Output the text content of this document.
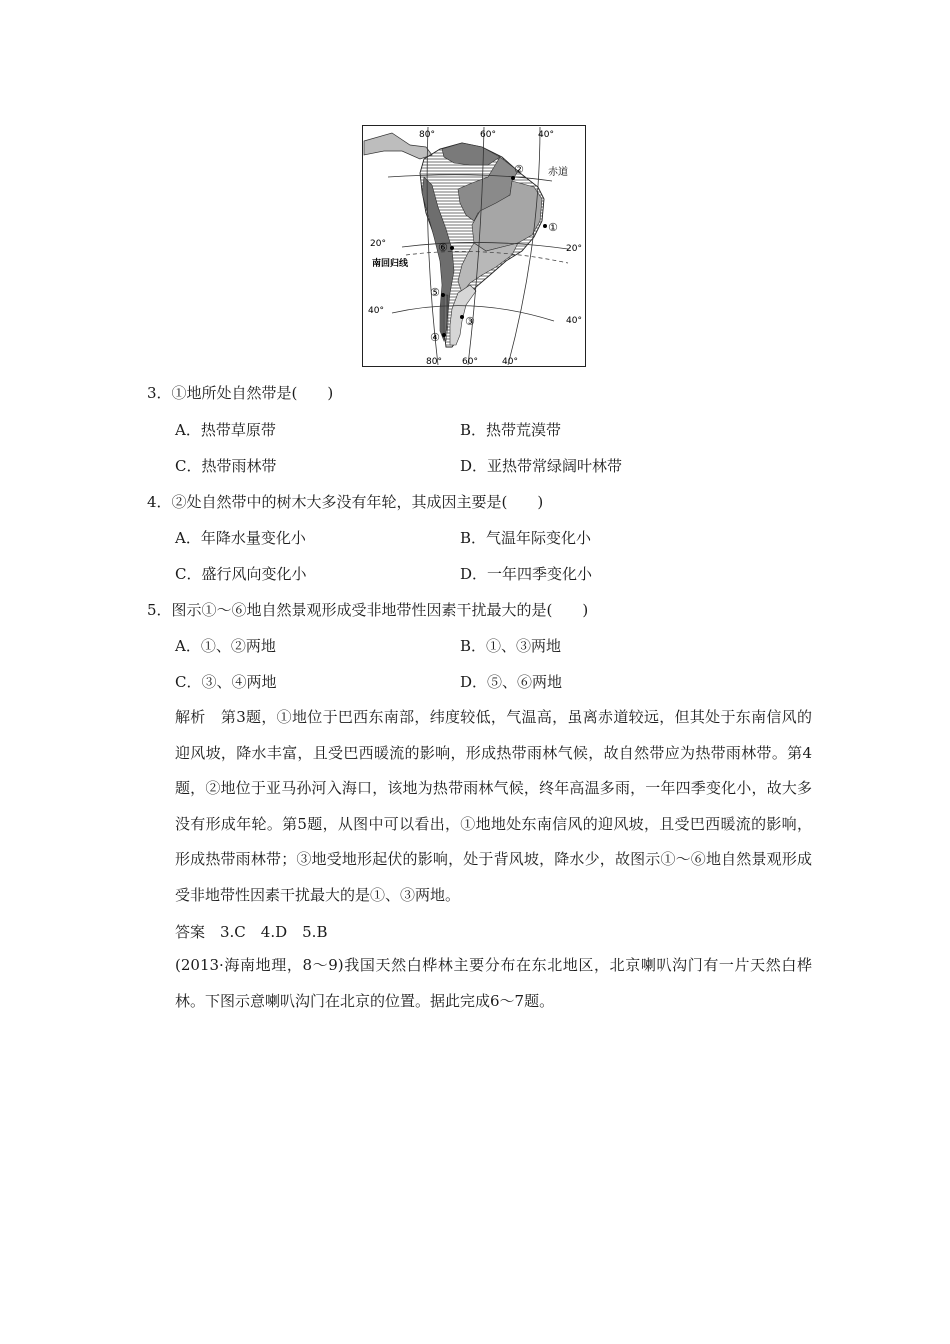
80°	60°	40°
80° 60°	40°
赤道
20°	20°
南回归线
40°
40°
①
②
③
④
⑤
⑥
3．①地所处自然带是(　　)
A．热带草原带	B．热带荒漠带
C．热带雨林带	D．亚热带常绿阔叶林带
4．②处自然带中的树木大多没有年轮，其成因主要是(　　)
A．年降水量变化小	B．气温年际变化小
C．盛行风向变化小	D．一年四季变化小
5．图示①～⑥地自然景观形成受非地带性因素干扰最大的是(　　)
A．①、②两地	B．①、③两地
C．③、④两地	D．⑤、⑥两地
解析　第3题，①地位于巴西东南部，纬度较低，气温高，虽离赤道较远，但其处于东南信风的迎风坡，降水丰富，且受巴西暖流的影响，形成热带雨林气候，故自然带应为热带雨林带。第4题，②地位于亚马孙河入海口，该地为热带雨林气候，终年高温多雨，一年四季变化小，故大多没有形成年轮。第5题，从图中可以看出，①地地处东南信风的迎风坡，且受巴西暖流的影响，形成热带雨林带；③地受地形起伏的影响，处于背风坡，降水少，故图示①～⑥地自然景观形成受非地带性因素干扰最大的是①、③两地。
答案　3.C　4.D　5.B
(2013·海南地理，8～9)我国天然白桦林主要分布在东北地区，北京喇叭沟门有一片天然白桦林。下图示意喇叭沟门在北京的位置。据此完成6～7题。
